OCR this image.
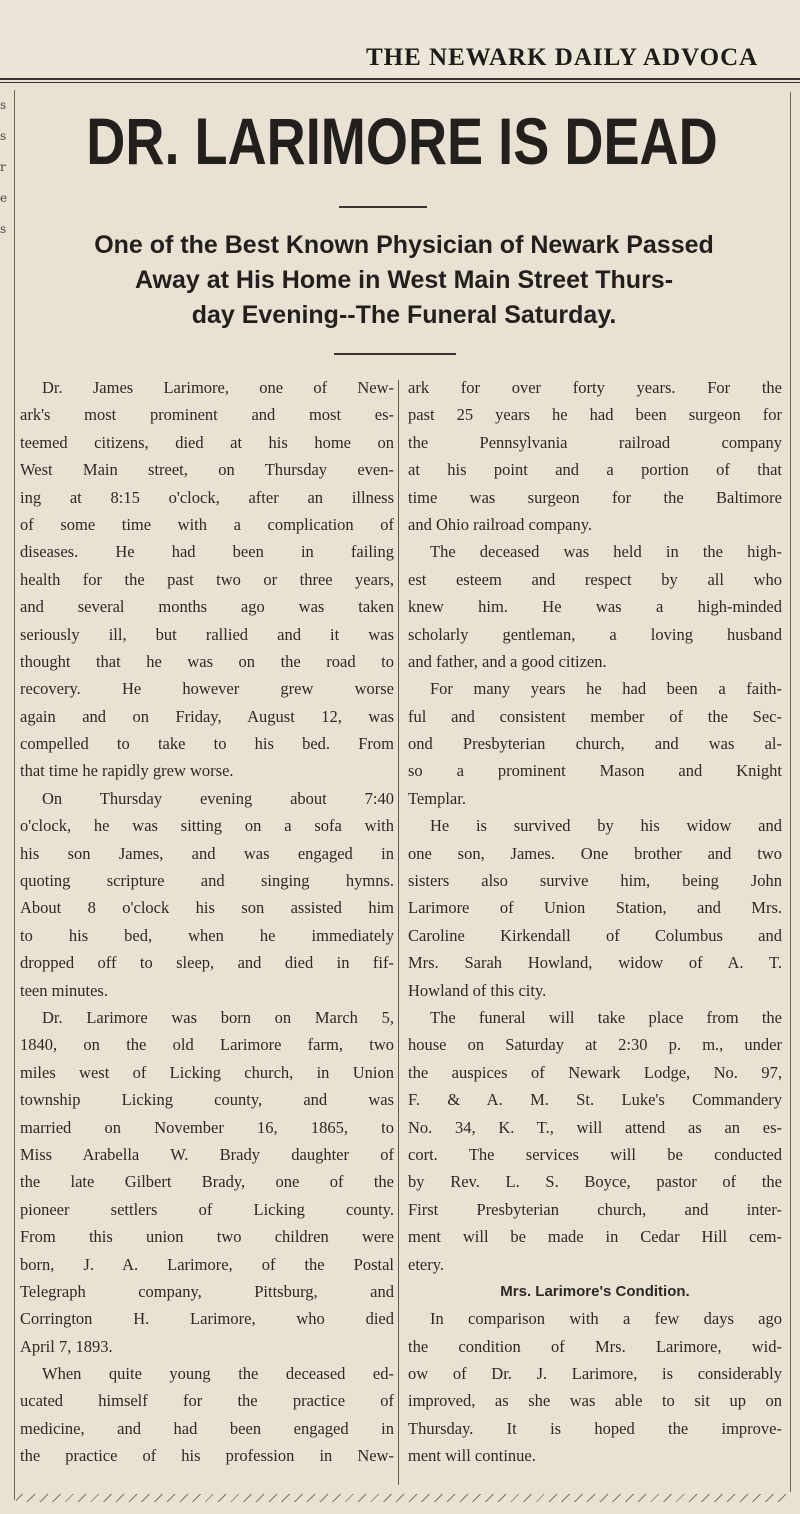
THE NEWARK DAILY ADVOCA
s
s
r
e
s
DR. LARIMORE IS DEAD
One of the Best Known Physician of Newark Passed
Away at His Home in West Main Street Thurs-
day Evening--The Funeral Saturday.
Dr. James Larimore, one of New-
ark's most prominent and most es-
teemed citizens, died at his home on
West Main street, on Thursday even-
ing at 8:15 o'clock, after an illness
of some time with a complication of
diseases. He had been in failing
health for the past two or three years,
and several months ago was taken
seriously ill, but rallied and it was
thought that he was on the road to
recovery. He however grew worse
again and on Friday, August 12, was
compelled to take to his bed. From
that time he rapidly grew worse.
On Thursday evening about 7:40
o'clock, he was sitting on a sofa with
his son James, and was engaged in
quoting scripture and singing hymns.
About 8 o'clock his son assisted him
to his bed, when he immediately
dropped off to sleep, and died in fif-
teen minutes.
Dr. Larimore was born on March 5,
1840, on the old Larimore farm, two
miles west of Licking church, in Union
township Licking county, and was
married on November 16, 1865, to
Miss Arabella W. Brady daughter of
the late Gilbert Brady, one of the
pioneer settlers of Licking county.
From this union two children were
born, J. A. Larimore, of the Postal
Telegraph company, Pittsburg, and
Corrington H. Larimore, who died
April 7, 1893.
When quite young the deceased ed-
ucated himself for the practice of
medicine, and had been engaged in
the practice of his profession in New-
ark for over forty years. For the
past 25 years he had been surgeon for
the Pennsylvania railroad company
at his point and a portion of that
time was surgeon for the Baltimore
and Ohio railroad company.
The deceased was held in the high-
est esteem and respect by all who
knew him. He was a high-minded
scholarly gentleman, a loving husband
and father, and a good citizen.
For many years he had been a faith-
ful and consistent member of the Sec-
ond Presbyterian church, and was al-
so a prominent Mason and Knight
Templar.
He is survived by his widow and
one son, James. One brother and two
sisters also survive him, being John
Larimore of Union Station, and Mrs.
Caroline Kirkendall of Columbus and
Mrs. Sarah Howland, widow of A. T.
Howland of this city.
The funeral will take place from the
house on Saturday at 2:30 p. m., under
the auspices of Newark Lodge, No. 97,
F. & A. M. St. Luke's Commandery
No. 34, K. T., will attend as an es-
cort. The services will be conducted
by Rev. L. S. Boyce, pastor of the
First Presbyterian church, and inter-
ment will be made in Cedar Hill cem-
etery.
Mrs. Larimore's Condition.
In comparison with a few days ago
the condition of Mrs. Larimore, wid-
ow of Dr. J. Larimore, is considerably
improved, as she was able to sit up on
Thursday. It is hoped the improve-
ment will continue.
